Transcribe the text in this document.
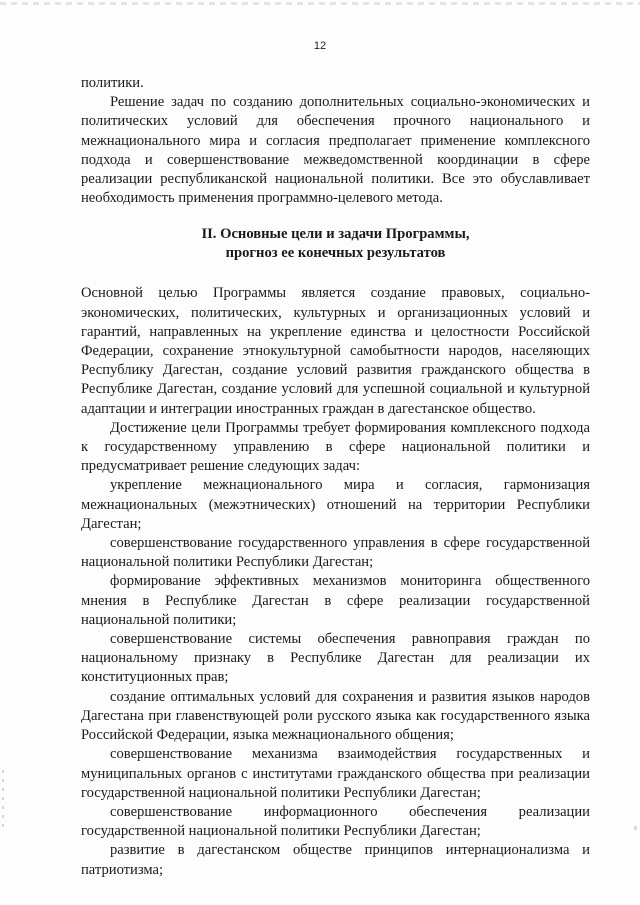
12

политики.

Решение задач по созданию дополнительных социально-экономических и политических условий для обеспечения прочного национального и межнационального мира и согласия предполагает применение комплексного подхода и совершенствование межведомственной координации в сфере реализации республиканской национальной политики. Все это обуславливает необходимость применения программно-целевого метода.

II. Основные цели и задачи Программы,
прогноз ее конечных результатов

Основной целью Программы является создание правовых, социально-экономических, политических, культурных и организационных условий и гарантий, направленных на укрепление единства и целостности Российской Федерации, сохранение этнокультурной самобытности народов, населяющих Республику Дагестан, создание условий развития гражданского общества в Республике Дагестан, создание условий для успешной социальной и культурной адаптации и интеграции иностранных граждан в дагестанское общество.

Достижение цели Программы требует формирования комплексного подхода к государственному управлению в сфере национальной политики и предусматривает решение следующих задач:

укрепление межнационального мира и согласия, гармонизация межнациональных (межэтнических) отношений на территории Республики Дагестан;

совершенствование государственного управления в сфере государственной национальной политики Республики Дагестан;

формирование эффективных механизмов мониторинга общественного мнения в Республике Дагестан в сфере реализации государственной национальной политики;

совершенствование системы обеспечения равноправия граждан по национальному признаку в Республике Дагестан для реализации их конституционных прав;

создание оптимальных условий для сохранения и развития языков народов Дагестана при главенствующей роли русского языка как государственного языка Российской Федерации, языка межнационального общения;

совершенствование механизма взаимодействия государственных и муниципальных органов с институтами гражданского общества при реализации государственной национальной политики Республики Дагестан;

совершенствование информационного обеспечения реализации государственной национальной политики Республики Дагестан;

развитие в дагестанском обществе принципов интернационализма и патриотизма;
